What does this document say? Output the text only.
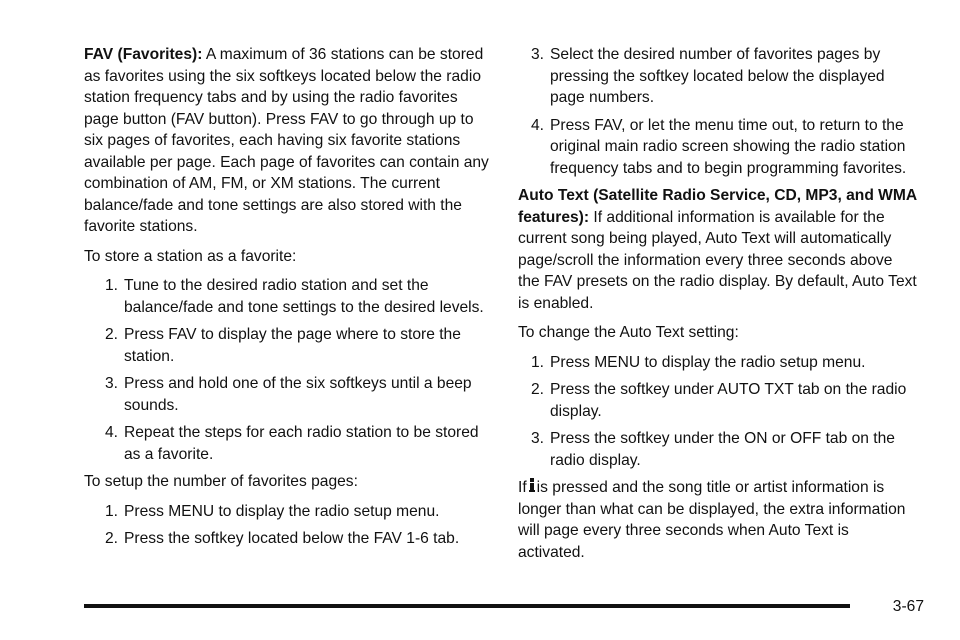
FAV (Favorites): A maximum of 36 stations can be stored as favorites using the six softkeys located below the radio station frequency tabs and by using the radio favorites page button (FAV button). Press FAV to go through up to six pages of favorites, each having six favorite stations available per page. Each page of favorites can contain any combination of AM, FM, or XM stations. The current balance/fade and tone settings are also stored with the favorite stations.

To store a station as a favorite:

1. Tune to the desired radio station and set the balance/fade and tone settings to the desired levels.
2. Press FAV to display the page where to store the station.
3. Press and hold one of the six softkeys until a beep sounds.
4. Repeat the steps for each radio station to be stored as a favorite.

To setup the number of favorites pages:

1. Press MENU to display the radio setup menu.
2. Press the softkey located below the FAV 1-6 tab.
3. Select the desired number of favorites pages by pressing the softkey located below the displayed page numbers.
4. Press FAV, or let the menu time out, to return to the original main radio screen showing the radio station frequency tabs and to begin programming favorites.

Auto Text (Satellite Radio Service, CD, MP3, and WMA features): If additional information is available for the current song being played, Auto Text will automatically page/scroll the information every three seconds above the FAV presets on the radio display. By default, Auto Text is enabled.

To change the Auto Text setting:

1. Press MENU to display the radio setup menu.
2. Press the softkey under AUTO TXT tab on the radio display.
3. Press the softkey under the ON or OFF tab on the radio display.

If is pressed and the song title or artist information is longer than what can be displayed, the extra information will page every three seconds when Auto Text is activated.

3-67
